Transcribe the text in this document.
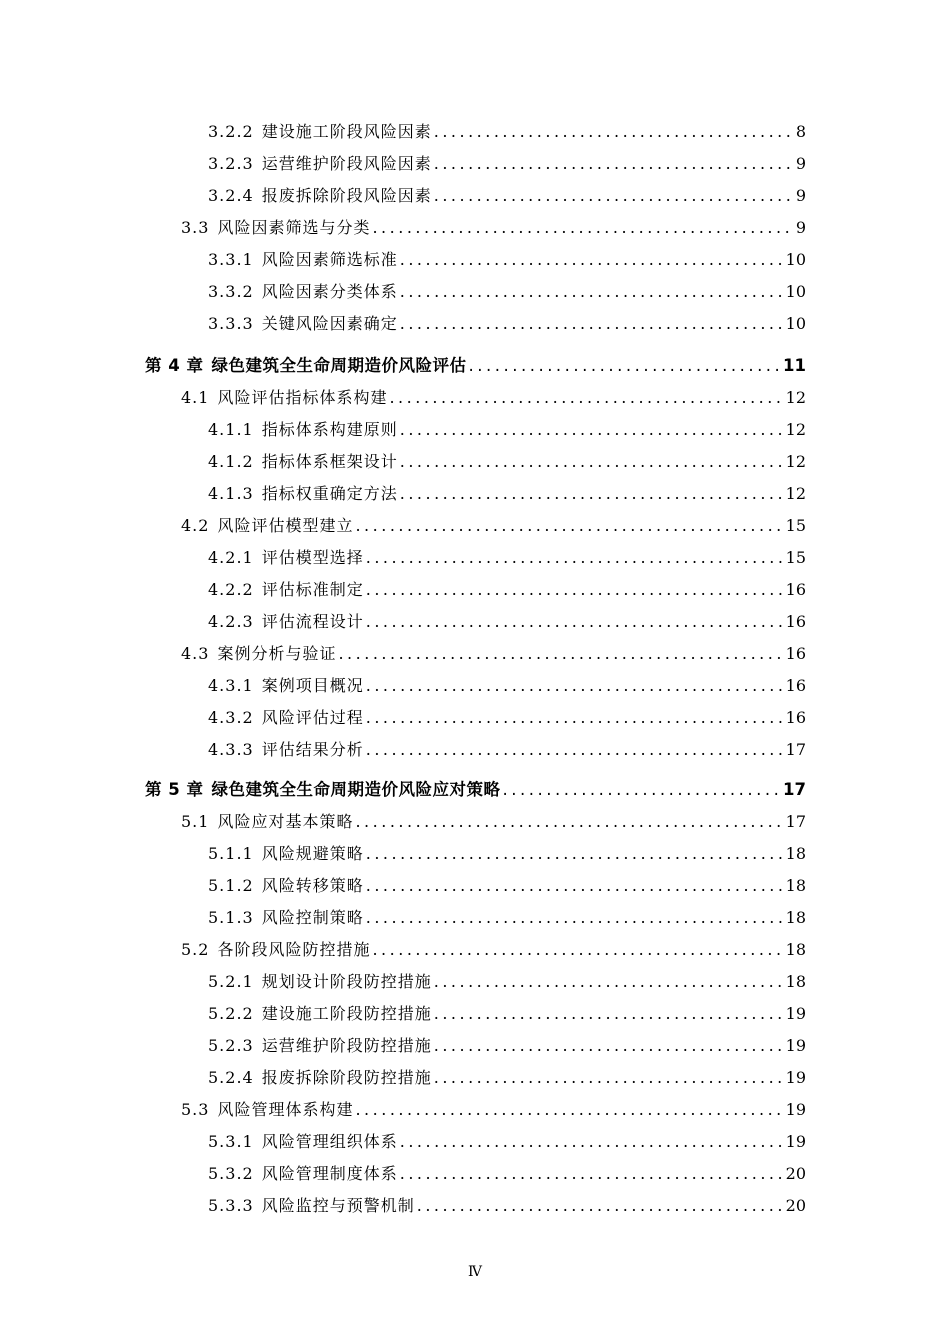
3.2.2 建设施工阶段风险因素 .....	8
3.2.3 运营维护阶段风险因素 .....	9
3.2.4 报废拆除阶段风险因素 .....	9
3.3 风险因素筛选与分类 .....	9
3.3.1 风险因素筛选标准 .....	10
3.3.2 风险因素分类体系 .....	10
3.3.3 关键风险因素确定 .....	10
第 4 章 绿色建筑全生命周期造价风险评估 .....	11
4.1 风险评估指标体系构建 .....	12
4.1.1 指标体系构建原则 .....	12
4.1.2 指标体系框架设计 .....	12
4.1.3 指标权重确定方法 .....	12
4.2 风险评估模型建立 .....	15
4.2.1 评估模型选择 .....	15
4.2.2 评估标准制定 .....	16
4.2.3 评估流程设计 .....	16
4.3 案例分析与验证 .....	16
4.3.1 案例项目概况 .....	16
4.3.2 风险评估过程 .....	16
4.3.3 评估结果分析 .....	17
第 5 章 绿色建筑全生命周期造价风险应对策略 .....	17
5.1 风险应对基本策略 .....	17
5.1.1 风险规避策略 .....	18
5.1.2 风险转移策略 .....	18
5.1.3 风险控制策略 .....	18
5.2 各阶段风险防控措施 .....	18
5.2.1 规划设计阶段防控措施 .....	18
5.2.2 建设施工阶段防控措施 .....	19
5.2.3 运营维护阶段防控措施 .....	19
5.2.4 报废拆除阶段防控措施 .....	19
5.3 风险管理体系构建 .....	19
5.3.1 风险管理组织体系 .....	19
5.3.2 风险管理制度体系 .....	20
5.3.3 风险监控与预警机制 .....	20
Ⅳ
